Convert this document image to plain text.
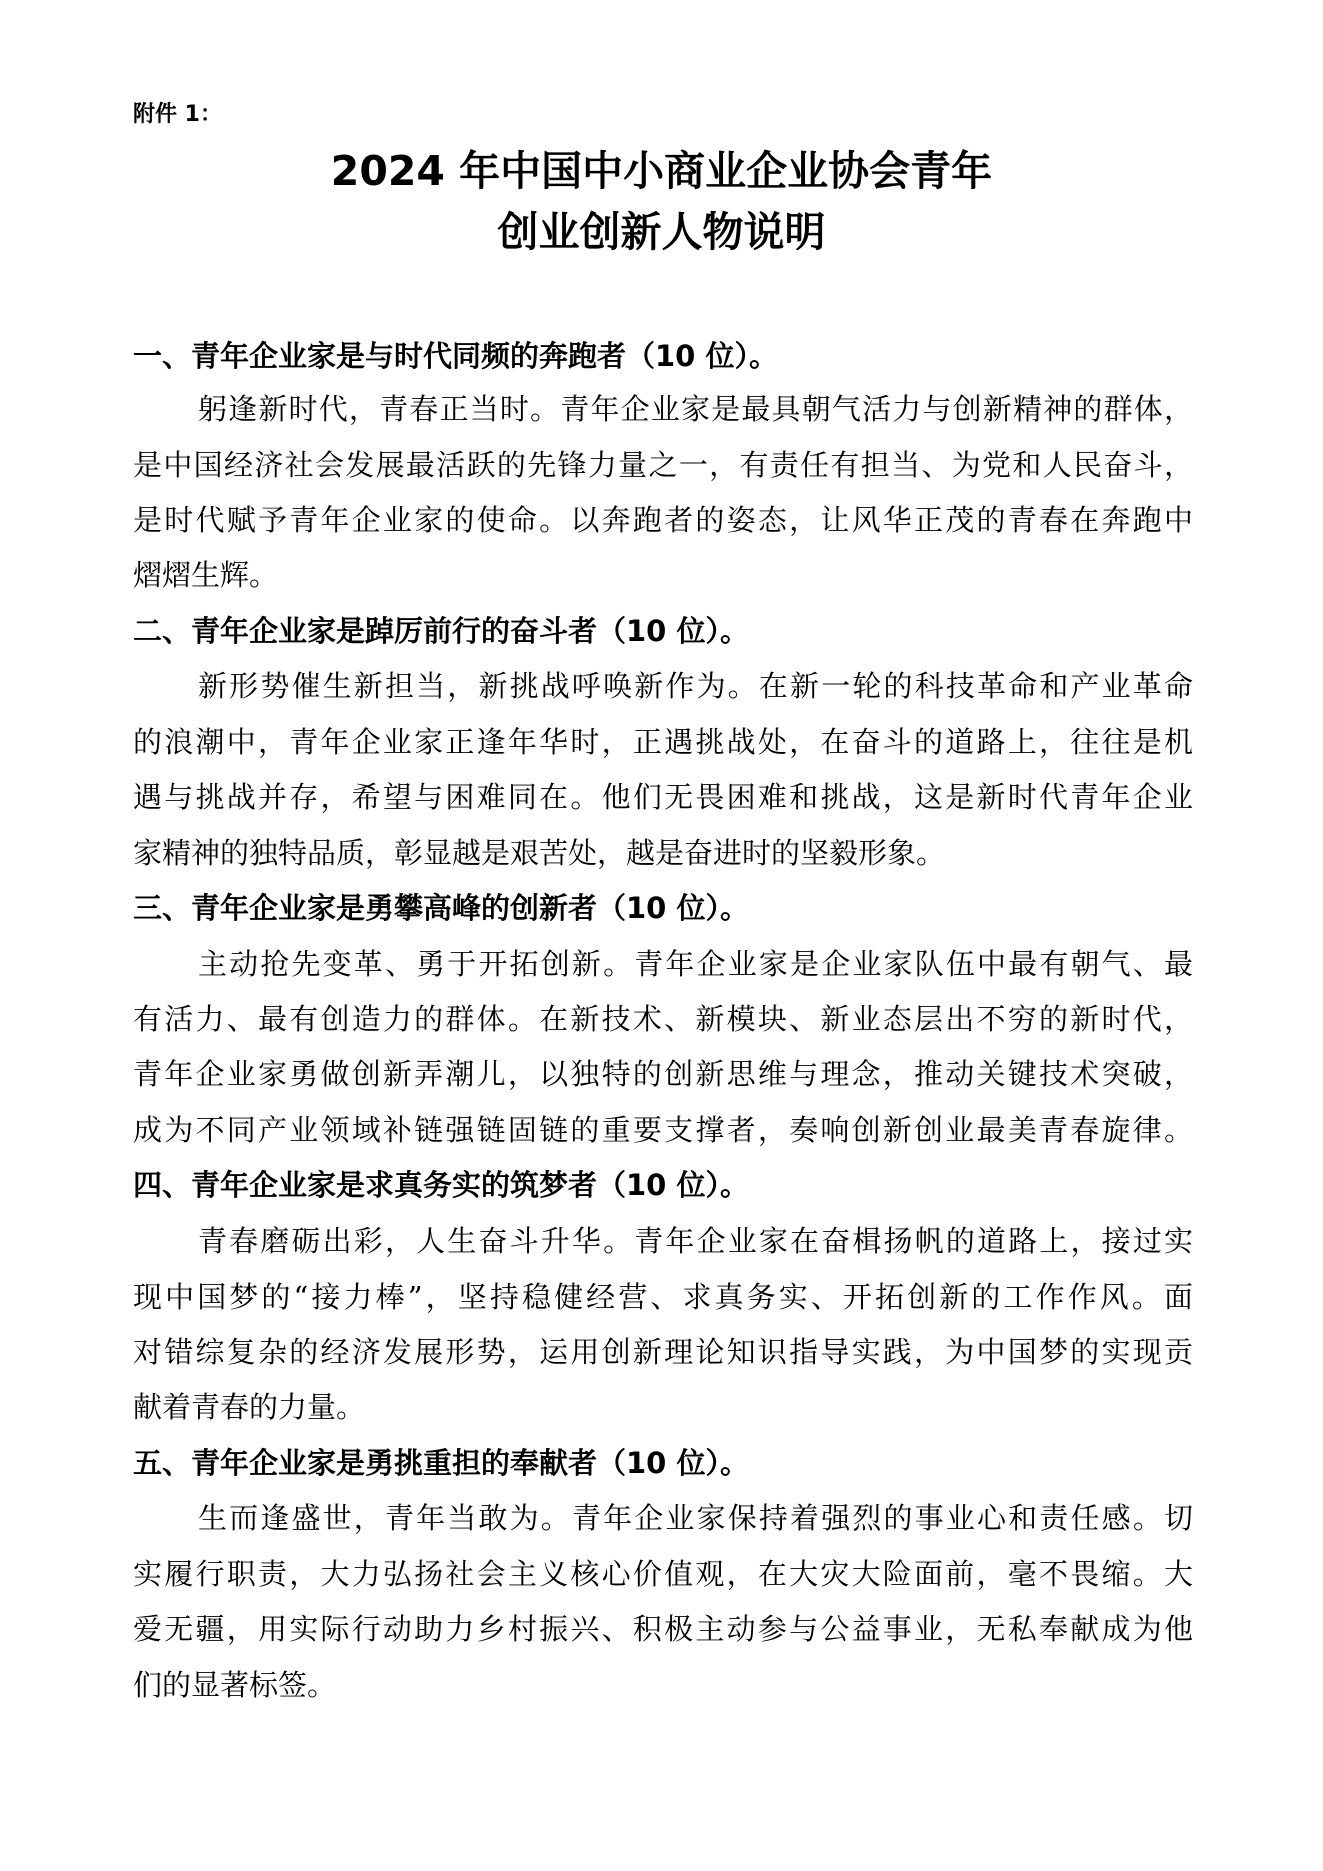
附件 1：
2024 年中国中小商业企业协会青年
创业创新人物说明
一、青年企业家是与时代同频的奔跑者（10 位）。
躬逢新时代，青春正当时。青年企业家是最具朝气活力与创新精神的群体，
是中国经济社会发展最活跃的先锋力量之一，有责任有担当、为党和人民奋斗，
是时代赋予青年企业家的使命。以奔跑者的姿态，让风华正茂的青春在奔跑中
熠熠生辉。
二、青年企业家是踔厉前行的奋斗者（10 位）。
新形势催生新担当，新挑战呼唤新作为。在新一轮的科技革命和产业革命
的浪潮中，青年企业家正逢年华时，正遇挑战处，在奋斗的道路上，往往是机
遇与挑战并存，希望与困难同在。他们无畏困难和挑战，这是新时代青年企业
家精神的独特品质，彰显越是艰苦处，越是奋进时的坚毅形象。
三、青年企业家是勇攀高峰的创新者（10 位）。
主动抢先变革、勇于开拓创新。青年企业家是企业家队伍中最有朝气、最
有活力、最有创造力的群体。在新技术、新模块、新业态层出不穷的新时代，
青年企业家勇做创新弄潮儿，以独特的创新思维与理念，推动关键技术突破，
成为不同产业领域补链强链固链的重要支撑者，奏响创新创业最美青春旋律。
四、青年企业家是求真务实的筑梦者（10 位）。
青春磨砺出彩，人生奋斗升华。青年企业家在奋楫扬帆的道路上，接过实
现中国梦的“接力棒”，坚持稳健经营、求真务实、开拓创新的工作作风。面
对错综复杂的经济发展形势，运用创新理论知识指导实践，为中国梦的实现贡
献着青春的力量。
五、青年企业家是勇挑重担的奉献者（10 位）。
生而逢盛世，青年当敢为。青年企业家保持着强烈的事业心和责任感。切
实履行职责，大力弘扬社会主义核心价值观，在大灾大险面前，毫不畏缩。大
爱无疆，用实际行动助力乡村振兴、积极主动参与公益事业，无私奉献成为他
们的显著标签。
